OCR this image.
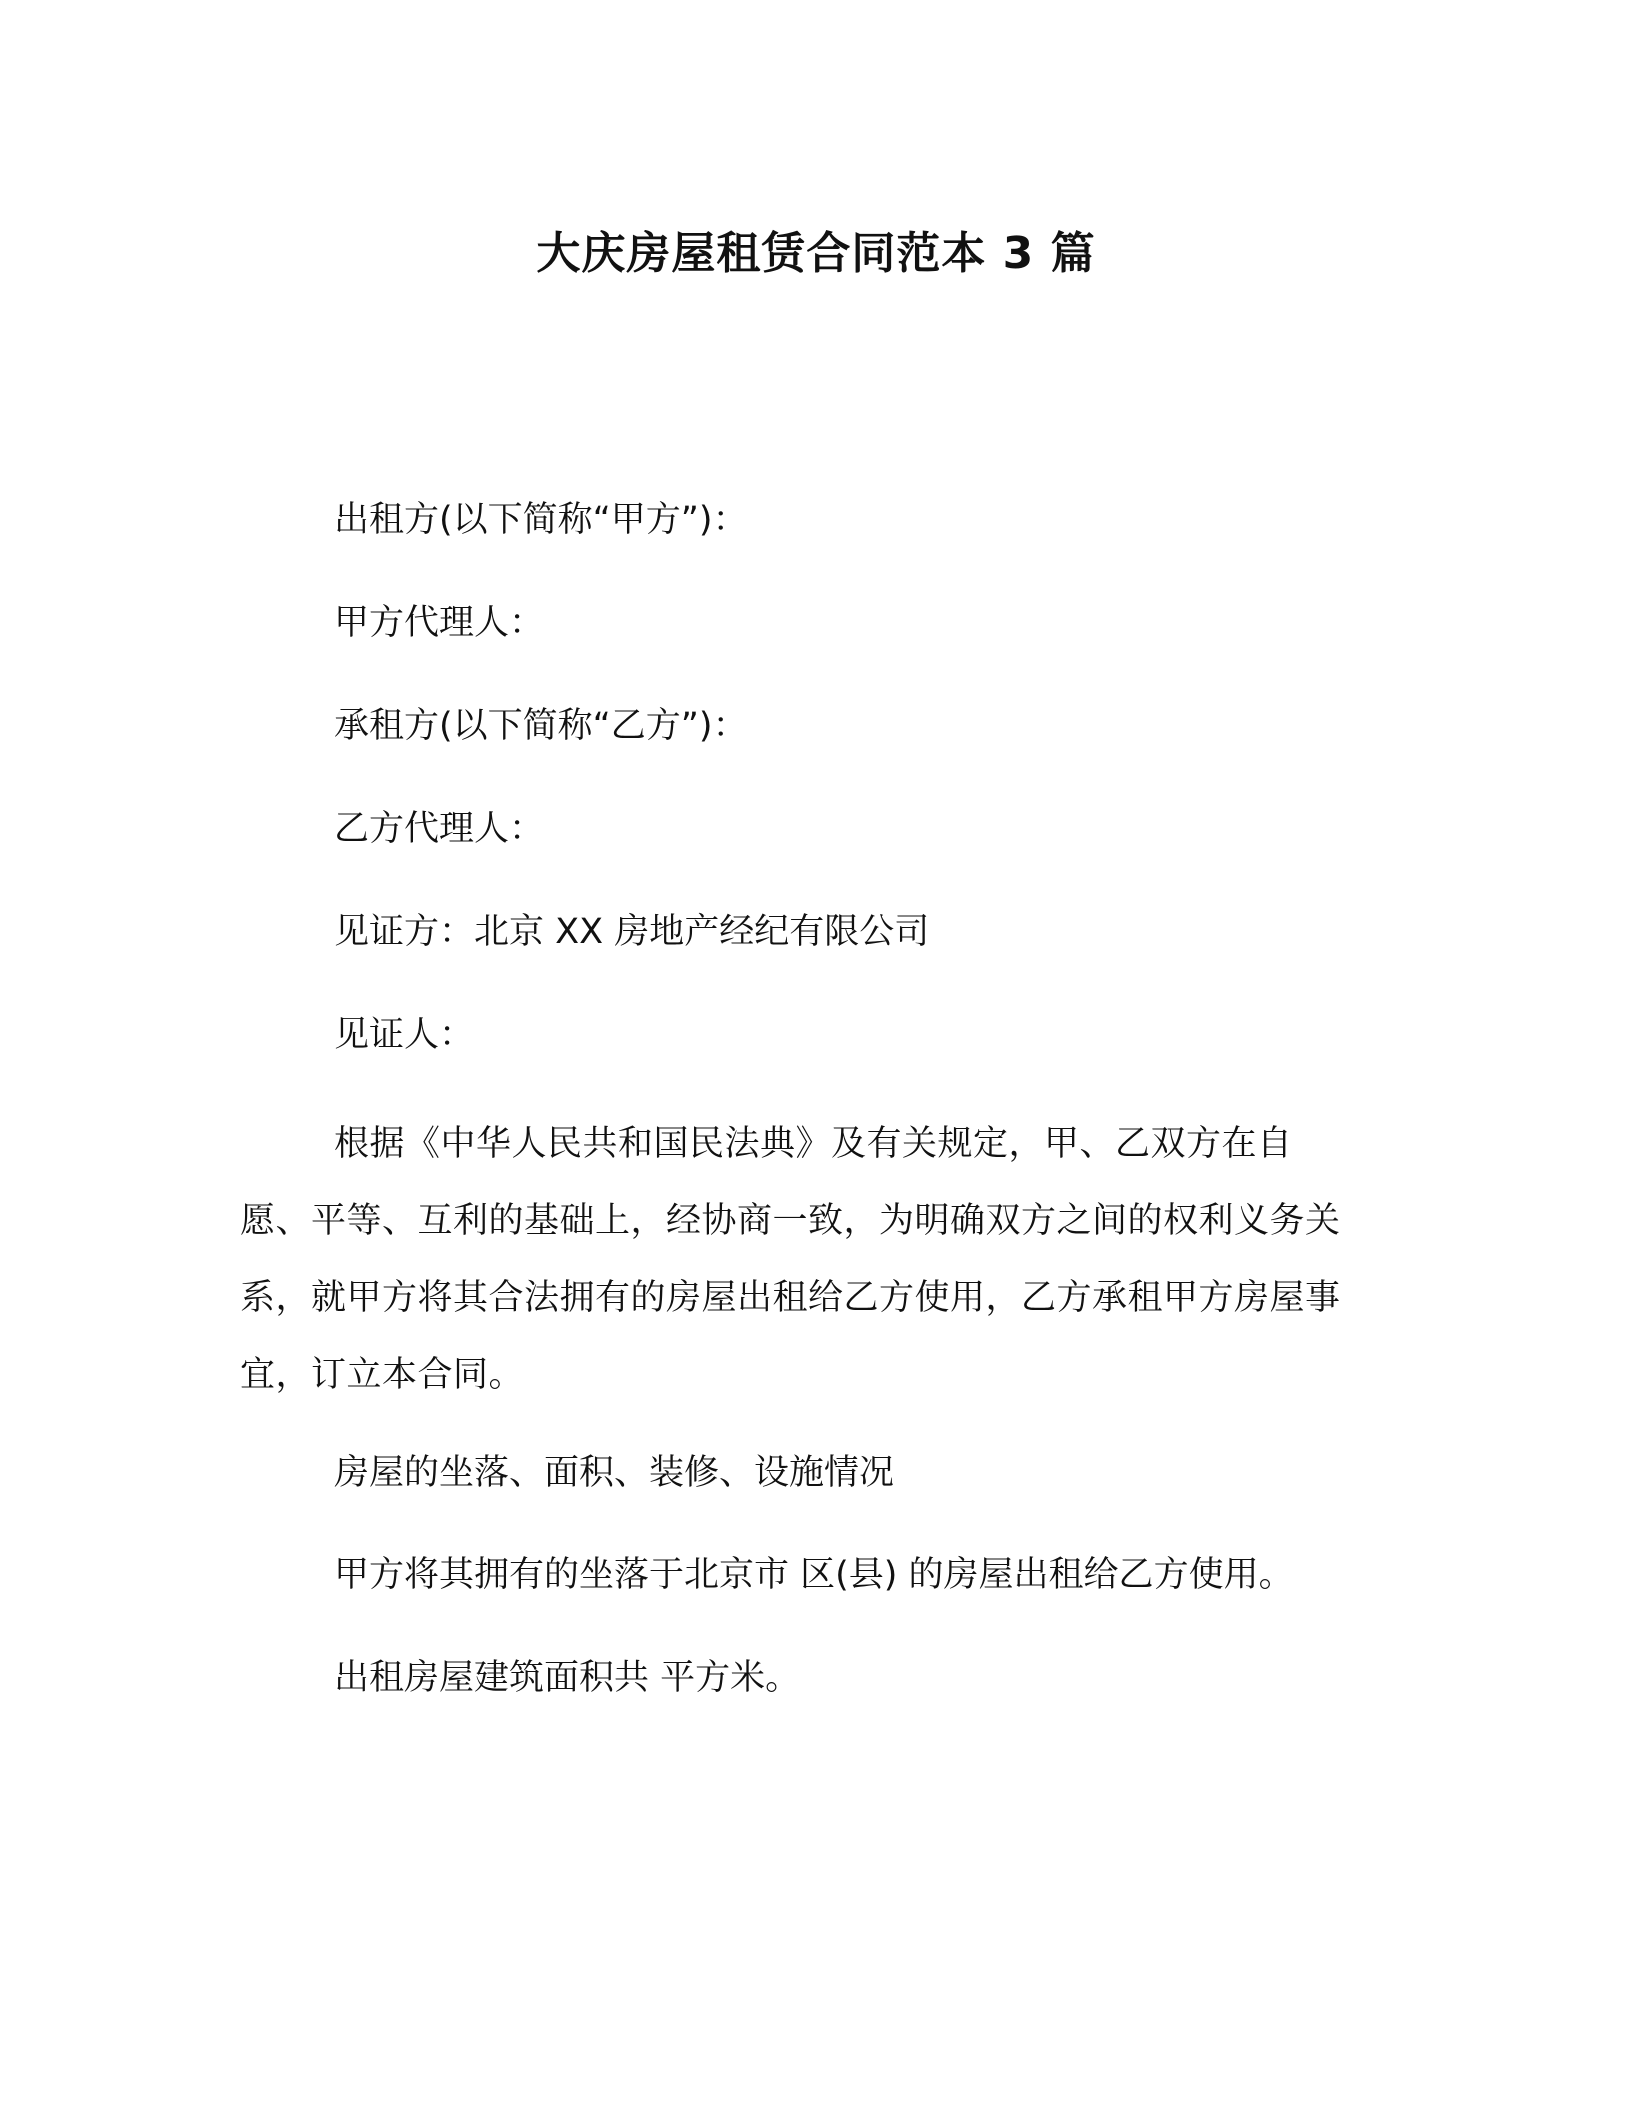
大庆房屋租赁合同范本 3 篇

出租方(以下简称“甲方”)：

甲方代理人：

承租方(以下简称“乙方”)：

乙方代理人：

见证方：北京 XX 房地产经纪有限公司

见证人：

根据《中华人民共和国民法典》及有关规定，甲、乙双方在自愿、平等、互利的基础上，经协商一致，为明确双方之间的权利义务关系，就甲方将其合法拥有的房屋出租给乙方使用，乙方承租甲方房屋事宜，订立本合同。

房屋的坐落、面积、装修、设施情况

甲方将其拥有的坐落于北京市 区(县) 的房屋出租给乙方使用。

出租房屋建筑面积共 平方米。
